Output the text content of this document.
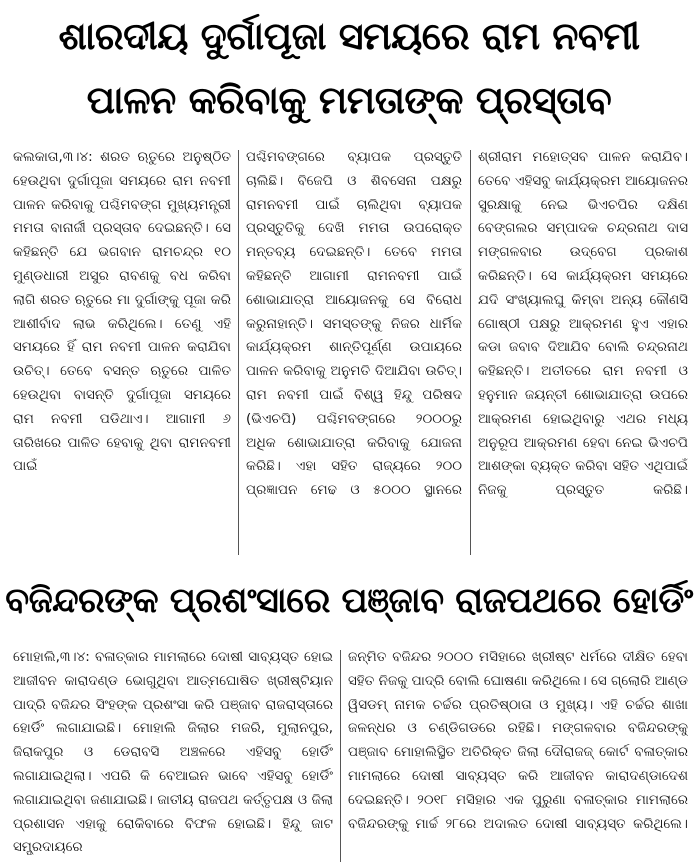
ଶାରଦୀୟ ଦୁର୍ଗାପୂଜା ସମୟରେ ରାମ ନବମୀ
ପାଳନ କରିବାକୁ ମମତାଙ୍କ ପ୍ରସ୍ତାବ

କଲକାତା,୩।୪: ଶରତ ଋତୁରେ ଅନୁଷ୍ଠିତ ହେଉଥିବା ଦୁର୍ଗାପୂଜା ସମୟରେ ରାମ ନବମୀ ପାଳନ କରିବାକୁ ପଶ୍ଚିମବଙ୍ଗ ମୁଖ୍ୟମନ୍ତ୍ରୀ ମମତା ବାନାର୍ଜୀ ପ୍ରସ୍ତାବ ଦେଇଛନ୍ତି। ସେ କହିଛନ୍ତି ଯେ ଭଗବାନ ରାମଚନ୍ଦ୍ର ୧୦ ମୁଣ୍ଡଧାରୀ ଅସୁର ରାବଣକୁ ବଧ କରିବା ଲାଗି ଶରତ ଋତୁରେ ମା ଦୁର୍ଗାଙ୍କୁ ପୂଜା କରି ଆଶୀର୍ବାଦ ଲାଭ କରିଥିଲେ। ତେଣୁ ଏହି ସମୟରେ ହିଁ ରାମ ନବମୀ ପାଳନ କରାଯିବା ଉଚିତ୍। ତେବେ ବସନ୍ତ ଋତୁରେ ପାଳିତ ହେଉଥିବା ବାସନ୍ତି ଦୁର୍ଗାପୂଜା ସମୟରେ ରାମ ନବମୀ ପଡିଥାଏ। ଆଗାମୀ ୬ ତାରିଖରେ ପାଳିତ ହେବାକୁ ଥିବା ରାମନବମୀ ପାଇଁ

ପଶ୍ଚିମବଙ୍ଗରେ ବ୍ୟାପକ ପ୍ରସ୍ତୁତି ଚାଲିଛି। ବିଜେପି ଓ ଶିବସେନା ପକ୍ଷରୁ ରାମନବମୀ ପାଇଁ ଚାଲିଥିବା ବ୍ୟାପକ ପ୍ରସ୍ତୁତିକୁ ଦେଖି ମମତା ଉପରୋକ୍ତ ମନ୍ତବ୍ୟ ଦେଇଛନ୍ତି। ତେବେ ମମତା କହିଛନ୍ତି ଆଗାମୀ ରାମନବମୀ ପାଇଁ ଶୋଭାଯାତ୍ରା ଆୟୋଜନକୁ ସେ ବିରୋଧ କରୁନାହାନ୍ତି। ସମସ୍ତଙ୍କୁ ନିଜର ଧାର୍ମିକ କାର୍ଯ୍ୟକ୍ରମ ଶାନ୍ତିପୂର୍ଣ୍ଣ ଉପାୟରେ ପାଳନ କରିବାକୁ ଅନୁମତି ଦିଆଯିବା ଉଚିତ୍। ରାମ ନବମୀ ପାଇଁ ବିଶ୍ୱ ହିନ୍ଦୁ ପରିଷଦ (ଭିଏଚପି) ପଶ୍ଚିମବଙ୍ଗରେ ୨୦୦୦ରୁ ଅଧିକ ଶୋଭାଯାତ୍ରା କରିବାକୁ ଯୋଜନା କରିଛି। ଏହା ସହିତ ରାଜ୍ୟରେ ୨୦୦ ପ୍ରଜ୍ଞାପନ ମେଢ ଓ ୫୦୦୦ ସ୍ଥାନରେ

ଶ୍ରୀରାମ ମହୋତ୍ସବ ପାଳନ କରାଯିବ। ତେବେ ଏହିସବୁ କାର୍ଯ୍ୟକ୍ରମ ଆୟୋଜନର ସୁରକ୍ଷାକୁ ନେଇ ଭିଏଚପିର ଦକ୍ଷିଣ ବେଙ୍ଗଲର ସମ୍ପାଦକ ଚନ୍ଦ୍ରନାଥ ଦାସ ମଙ୍ଗଳବାର ଉଦ୍‌ବେଗ ପ୍ରକାଶ କରିଛନ୍ତି। ସେ କାର୍ଯ୍ୟକ୍ରମ ସମୟରେ ଯଦି ସଂଖ୍ୟାଲଘୁ କିମ୍ବା ଅନ୍ୟ କୌଣସି ଗୋଷ୍ଠୀ ପକ୍ଷରୁ ଆକ୍ରମଣ ହୁଏ ଏହାର କଡା ଜବାବ ଦିଆଯିବ ବୋଲି ଚନ୍ଦ୍ରନାଥ କହିଛନ୍ତି। ଅତୀତରେ ରାମ ନବମୀ ଓ ହନୁମାନ ଜୟନ୍ତୀ ଶୋଭାଯାତ୍ରା ଉପରେ ଆକ୍ରମଣ ହୋଇଥିବାରୁ ଏଥର ମଧ୍ୟ ଅନୁରୂପ ଆକ୍ରମଣ ହେବା ନେଇ ଭିଏଚପି ଆଶଙ୍କା ବ୍ୟକ୍ତ କରିବା ସହିତ ଏଥିପାଇଁ ନିଜକୁ ପ୍ରସ୍ତୁତ କରିଛି।

ବଜିନ୍ଦରଙ୍କ ପ୍ରଶଂସାରେ ପଞ୍ଜାବ ରାଜପଥରେ ହୋର୍ଡିଂ

ମୋହାଲି,୩।୪: ବଳାତ୍କାର ମାମଲାରେ ଦୋଷୀ ସାବ୍ୟସ୍ତ ହୋଇ ଆଜୀବନ କାରାଦଣ୍ଡ ଭୋଗୁଥିବା ଆତ୍ମଘୋଷିତ ଖ୍ରୀଷ୍ଟିୟାନ ପାଦ୍ରି ବଜିନ୍ଦର ସିଂହଙ୍କ ପ୍ରଶଂସା କରି ପଞ୍ଜାବ ରାଜରାସ୍ତାରେ ହୋର୍ଡିଂ ଲଗାଯାଇଛି। ମୋହାଲି ଜିଲାର ମଜରି, ମୁଲାନପୁର, ଜିରାକପୁର ଓ ଡେରାବସି ଅଞ୍ଚଳରେ ଏହିସବୁ ହୋର୍ଡିଂ ଲଗାଯାଇଥିଲା। ଏପରି କି ବେଆଇନ ଭାବେ ଏହିସବୁ ହୋର୍ଡିଂ ଲଗାଯାଇଥିବା ଜଣାଯାଇଛି। ଜାତୀୟ ରାଜପଥ କର୍ତ୍ତୃପକ୍ଷ ଓ ଜିଲା ପ୍ରଶାସନ ଏହାକୁ ରୋକିବାରେ ବିଫଳ ହୋଇଛି। ହିନ୍ଦୁ ଜାଟ ସମ୍ପ୍ରଦାୟରେ

ଜନ୍ମିତ ବଜିନ୍ଦର ୨୦୦୦ ମସିହାରେ ଖ୍ରୀଷ୍ଟ ଧର୍ମରେ ଦୀକ୍ଷିତ ହେବା ସହିତ ନିଜକୁ ପାଦ୍ରି ବୋଲି ଘୋଷଣା କରିଥିଲେ। ସେ ଗ୍ଲୋରି ଆଣ୍ଡ ୱିସଡମ୍ ନାମକ ଚର୍ଚ୍ଚର ପ୍ରତିଷ୍ଠାତା ଓ ମୁଖ୍ୟ। ଏହି ଚର୍ଚ୍ଚର ଶାଖା ଜଳନ୍ଧର ଓ ଚଣ୍ଡିଗଡରେ ରହିଛି। ମଙ୍ଗଳବାର ବଜିନ୍ଦରଙ୍କୁ ପଞ୍ଜାବ ମୋହାଲିସ୍ଥିତ ଅତିରିକ୍ତ ଜିଲା ଦୌରାଜଜ୍ କୋର୍ଟ ବଳାତ୍କାର ମାମଲାରେ ଦୋଷୀ ସାବ୍ୟସ୍ତ କରି ଆଜୀବନ କାରାଦଣ୍ଡାଦେଶ ଦେଇଛନ୍ତି। ୨୦୧୮ ମସିହାର ଏକ ପୁରୁଣା ବଳାତ୍କାର ମାମଲାରେ ବଜିନ୍ଦରଙ୍କୁ ମାର୍ଚ୍ଚ ୨୮ରେ ଅଦାଲତ ଦୋଷୀ ସାବ୍ୟସ୍ତ କରିଥିଲେ।
